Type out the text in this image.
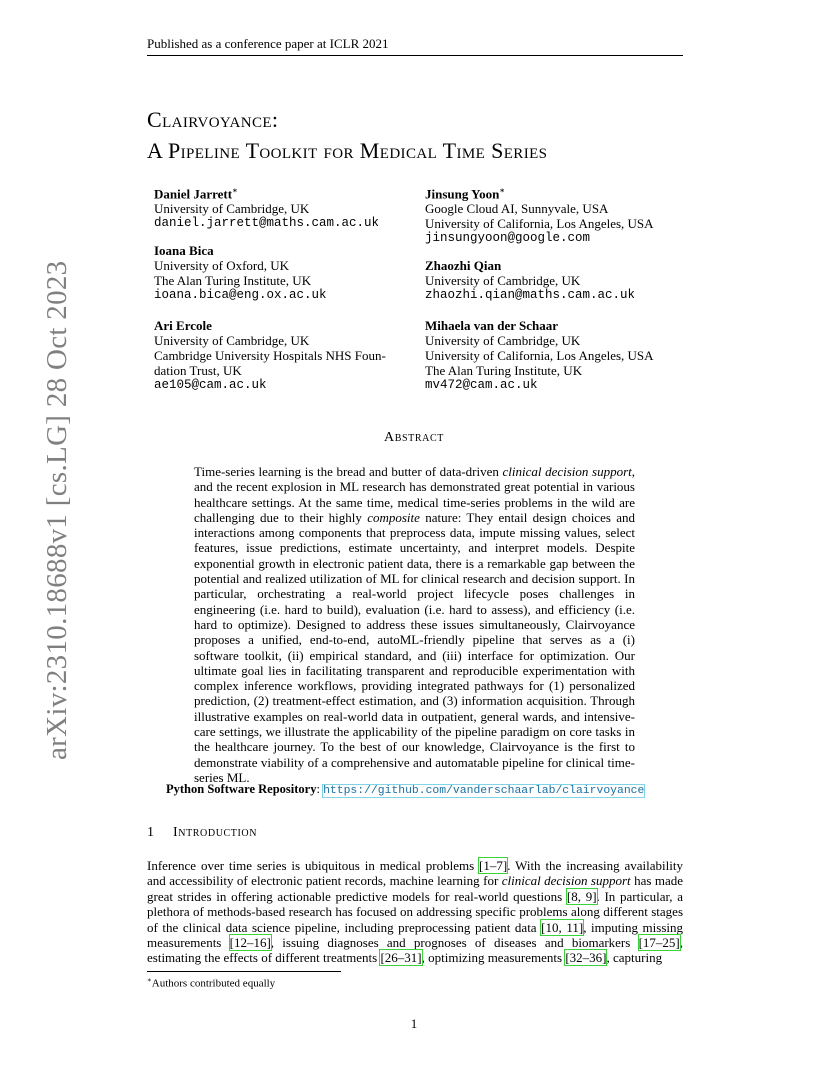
Published as a conference paper at ICLR 2021
arXiv:2310.18688v1 [cs.LG] 28 Oct 2023
Clairvoyance:
A Pipeline Toolkit for Medical Time Series
Daniel Jarrett∗
University of Cambridge, UK
daniel.jarrett@maths.cam.ac.uk
Ioana Bica
University of Oxford, UK
The Alan Turing Institute, UK
ioana.bica@eng.ox.ac.uk
Ari Ercole
University of Cambridge, UK
Cambridge University Hospitals NHS Foun-
dation Trust, UK
ae105@cam.ac.uk
Jinsung Yoon∗
Google Cloud AI, Sunnyvale, USA
University of California, Los Angeles, USA
jinsungyoon@google.com
Zhaozhi Qian
University of Cambridge, UK
zhaozhi.qian@maths.cam.ac.uk
Mihaela van der Schaar
University of Cambridge, UK
University of California, Los Angeles, USA
The Alan Turing Institute, UK
mv472@cam.ac.uk
Abstract
Time-series learning is the bread and butter of data-driven clinical decision support, and the recent explosion in ML research has demonstrated great potential in various healthcare settings. At the same time, medical time-series problems in the wild are challenging due to their highly composite nature: They entail design choices and interactions among components that preprocess data, impute missing values, select features, issue predictions, estimate uncertainty, and interpret models. Despite exponential growth in electronic patient data, there is a remarkable gap between the potential and realized utilization of ML for clinical research and decision support. In particular, orchestrating a real-world project lifecycle poses challenges in engineering (i.e. hard to build), evaluation (i.e. hard to assess), and efficiency (i.e. hard to optimize). Designed to address these issues simultaneously, Clairvoyance proposes a unified, end-to-end, autoML-friendly pipeline that serves as a (i) software toolkit, (ii) empirical standard, and (iii) interface for optimization. Our ultimate goal lies in facilitating transparent and reproducible experimentation with complex inference workflows, providing integrated pathways for (1) personalized prediction, (2) treatment-effect estimation, and (3) information acquisition. Through illustrative examples on real-world data in outpatient, general wards, and intensive-care settings, we illustrate the applicability of the pipeline paradigm on core tasks in the healthcare journey. To the best of our knowledge, Clairvoyance is the first to demonstrate viability of a comprehensive and automatable pipeline for clinical time-series ML.
Python Software Repository: https://github.com/vanderschaarlab/clairvoyance
1 Introduction
Inference over time series is ubiquitous in medical problems [1–7]. With the increasing availability and accessibility of electronic patient records, machine learning for clinical decision support has made great strides in offering actionable predictive models for real-world questions [8, 9]. In particular, a plethora of methods-based research has focused on addressing specific problems along different stages of the clinical data science pipeline, including preprocessing patient data [10, 11], imputing missing measurements [12–16], issuing diagnoses and prognoses of diseases and biomarkers [17–25], estimating the effects of different treatments [26–31], optimizing measurements [32–36], capturing
∗Authors contributed equally
1
